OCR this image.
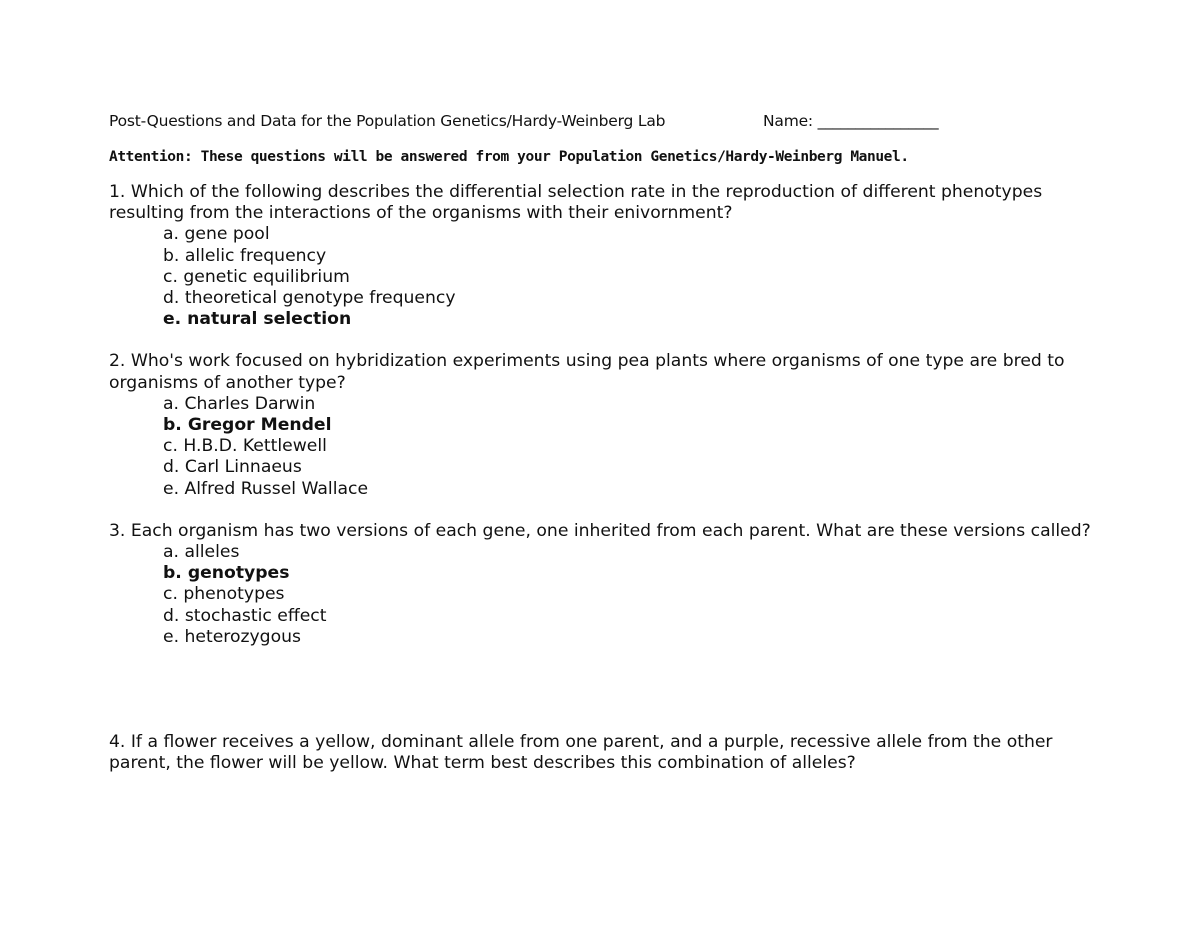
Post-Questions and Data for the Population Genetics/Hardy-Weinberg Lab	Name: ________________
Attention: These questions will be answered from your Population Genetics/Hardy-Weinberg Manuel.
1. Which of the following describes the differential selection rate in the reproduction of different phenotypes resulting from the interactions of the organisms with their enivornment?
a. gene pool
b. allelic frequency
c. genetic equilibrium
d. theoretical genotype frequency
e. natural selection
2. Who's work focused on hybridization experiments using pea plants where organisms of one type are bred to organisms of another type?
a. Charles Darwin
b. Gregor Mendel
c. H.B.D. Kettlewell
d. Carl Linnaeus
e. Alfred Russel Wallace
3. Each organism has two versions of each gene, one inherited from each parent. What are these versions called?
a. alleles
b. genotypes
c. phenotypes
d. stochastic effect
e. heterozygous
4. If a flower receives a yellow, dominant allele from one parent, and a purple, recessive allele from the other parent, the flower will be yellow. What term best describes this combination of alleles?
